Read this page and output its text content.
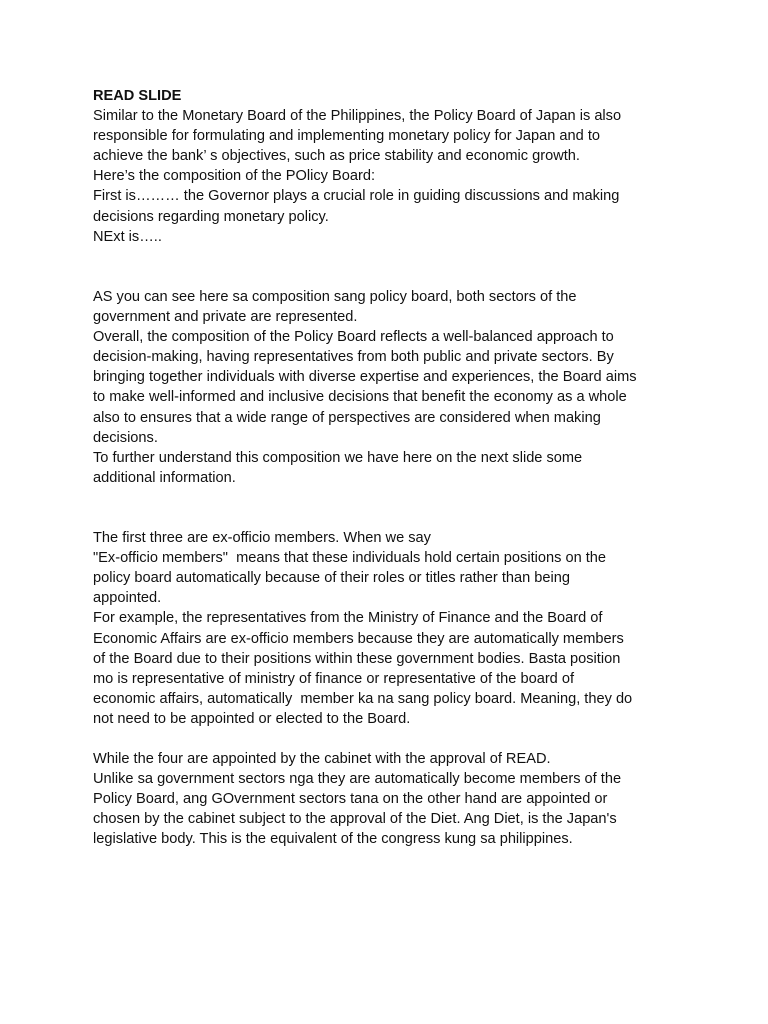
READ SLIDE
Similar to the Monetary Board of the Philippines, the Policy Board of Japan is also
responsible for formulating and implementing monetary policy for Japan and to
achieve the bank’ s objectives, such as price stability and economic growth.
Here’s the composition of the POlicy Board:
First is……… the Governor plays a crucial role in guiding discussions and making
decisions regarding monetary policy.
NExt is…..
AS you can see here sa composition sang policy board, both sectors of the
government and private are represented.
Overall, the composition of the Policy Board reflects a well-balanced approach to
decision-making, having representatives from both public and private sectors. By
bringing together individuals with diverse expertise and experiences, the Board aims
to make well-informed and inclusive decisions that benefit the economy as a whole
also to ensures that a wide range of perspectives are considered when making
decisions.
To further understand this composition we have here on the next slide some
additional information.
The first three are ex-officio members. When we say
"Ex-officio members"  means that these individuals hold certain positions on the
policy board automatically because of their roles or titles rather than being
appointed.
For example, the representatives from the Ministry of Finance and the Board of
Economic Affairs are ex-officio members because they are automatically members
of the Board due to their positions within these government bodies. Basta position
mo is representative of ministry of finance or representative of the board of
economic affairs, automatically  member ka na sang policy board. Meaning, they do
not need to be appointed or elected to the Board.
While the four are appointed by the cabinet with the approval of READ.
Unlike sa government sectors nga they are automatically become members of the
Policy Board, ang GOvernment sectors tana on the other hand are appointed or
chosen by the cabinet subject to the approval of the Diet. Ang Diet, is the Japan's
legislative body. This is the equivalent of the congress kung sa philippines.
